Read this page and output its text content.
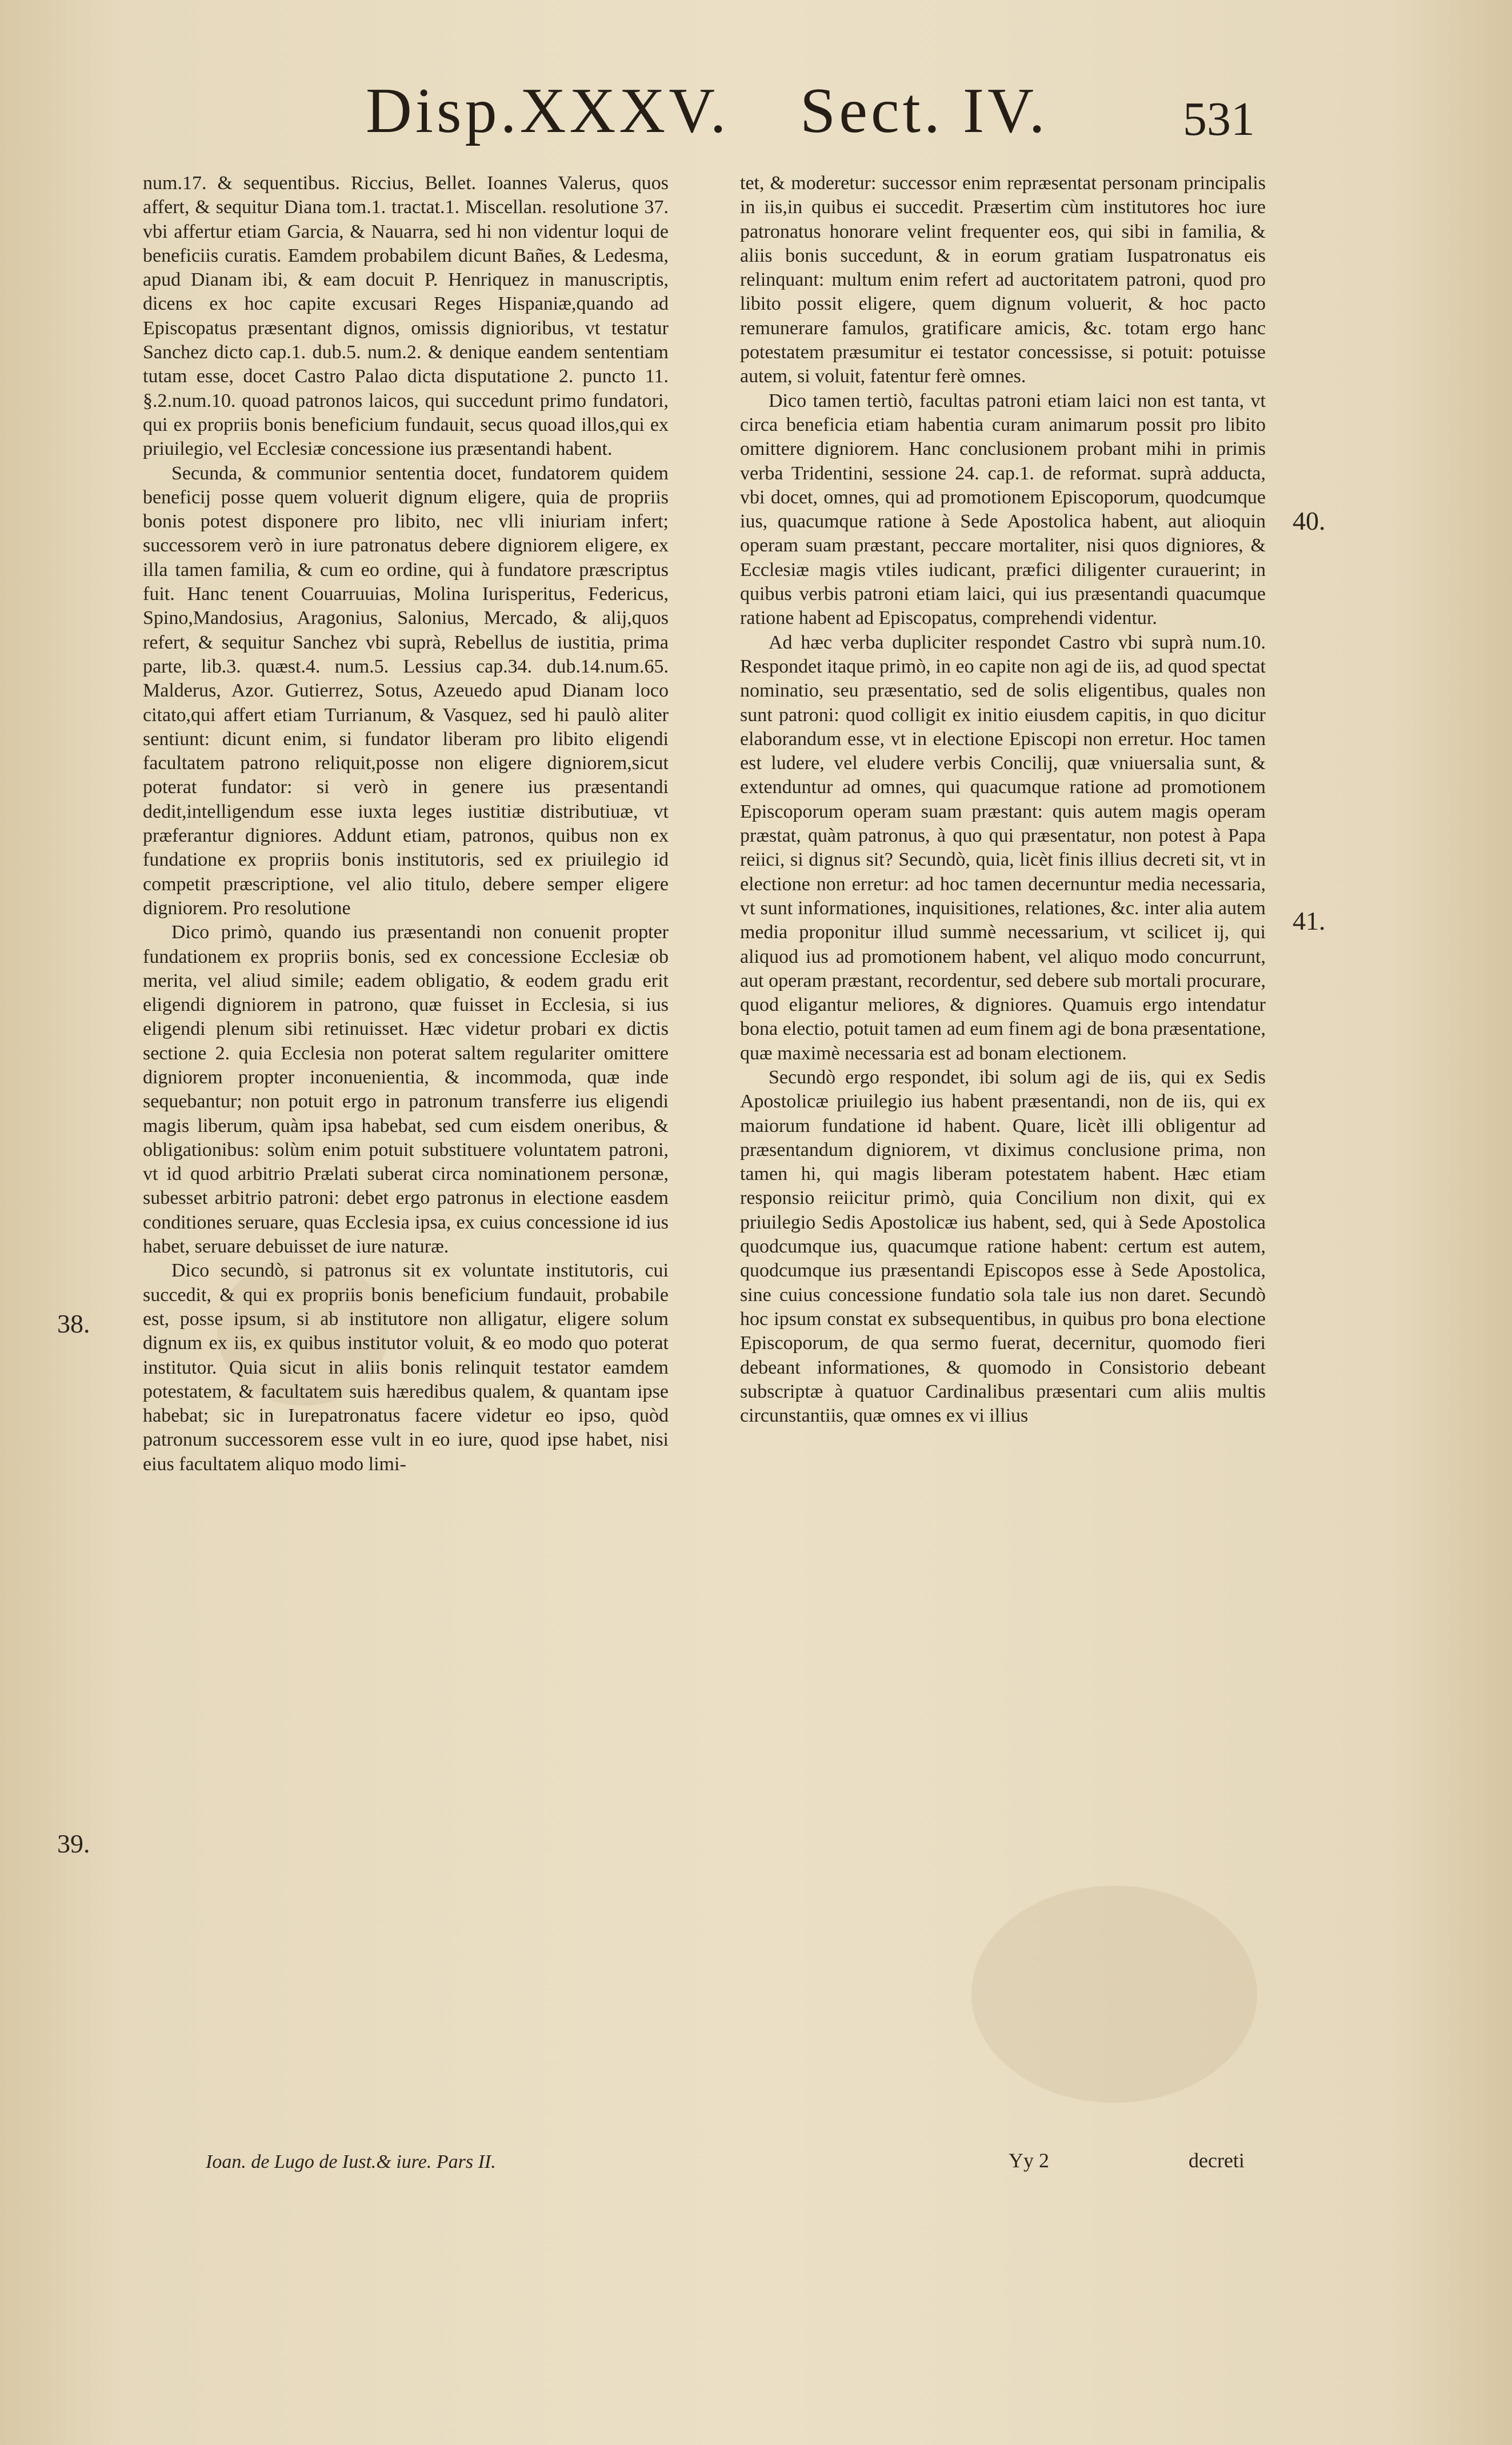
Disp.XXXV. Sect. IV.	531

num.17. & sequentibus. Riccius, Bellet. Ioannes Valerus, quos affert, & sequitur Diana tom.1. tractat.1. Miscellan. resolutione 37. vbi affertur etiam Garcia, & Nauarra, sed hi non videntur loqui de beneficiis curatis. Eamdem probabilem dicunt Bañes, & Ledesma, apud Dianam ibi, & eam docuit P. Henriquez in manuscriptis, dicens ex hoc capite excusari Reges Hispaniæ,quando ad Episcopatus præsentant dignos, omissis dignioribus, vt testatur Sanchez dicto cap.1. dub.5. num.2. & denique eandem sententiam tutam esse, docet Castro Palao dicta disputatione 2. puncto 11. §.2.num.10. quoad patronos laicos, qui succedunt primo fundatori, qui ex propriis bonis beneficium fundauit, secus quoad illos,qui ex priuilegio, vel Ecclesiæ concessione ius præsentandi habent.

Secunda, & communior sententia docet, fundatorem quidem beneficij posse quem voluerit dignum eligere, quia de propriis bonis potest disponere pro libito, nec vlli iniuriam infert; successorem verò in iure patronatus debere digniorem eligere, ex illa tamen familia, & cum eo ordine, qui à fundatore præscriptus fuit. Hanc tenent Couarruuias, Molina Iurisperitus, Federicus, Spino,Mandosius, Aragonius, Salonius, Mercado, & alij,quos refert, & sequitur Sanchez vbi suprà, Rebellus de iustitia, prima parte, lib.3. quæst.4. num.5. Lessius cap.34. dub.14.num.65. Malderus, Azor. Gutierrez, Sotus, Azeuedo apud Dianam loco citato,qui affert etiam Turrianum, & Vasquez, sed hi paulò aliter sentiunt: dicunt enim, si fundator liberam pro libito eligendi facultatem patrono reliquit,posse non eligere digniorem,sicut poterat fundator: si verò in genere ius præsentandi dedit,intelligendum esse iuxta leges iustitiæ distributiuæ, vt præferantur digniores. Addunt etiam, patronos, quibus non ex fundatione ex propriis bonis institutoris, sed ex priuilegio id competit præscriptione, vel alio titulo, debere semper eligere digniorem. Pro resolutione

Dico primò, quando ius præsentandi non conuenit propter fundationem ex propriis bonis, sed ex concessione Ecclesiæ ob merita, vel aliud simile; eadem obligatio, & eodem gradu erit eligendi digniorem in patrono, quæ fuisset in Ecclesia, si ius eligendi plenum sibi retinuisset. Hæc videtur probari ex dictis sectione 2. quia Ecclesia non poterat saltem regulariter omittere digniorem propter inconuenientia, & incommoda, quæ inde sequebantur; non potuit ergo in patronum transferre ius eligendi magis liberum, quàm ipsa habebat, sed cum eisdem oneribus, & obligationibus: solùm enim potuit substituere voluntatem patroni, vt id quod arbitrio Prælati suberat circa nominationem personæ, subesset arbitrio patroni: debet ergo patronus in electione easdem conditiones seruare, quas Ecclesia ipsa, ex cuius concessione id ius habet, seruare debuisset de iure naturæ.

Dico secundò, si patronus sit ex voluntate institutoris, cui succedit, & qui ex propriis bonis beneficium fundauit, probabile est, posse ipsum, si ab institutore non alligatur, eligere solum dignum ex iis, ex quibus institutor voluit, & eo modo quo poterat institutor. Quia sicut in aliis bonis relinquit testator eamdem potestatem, & facultatem suis hæredibus qualem, & quantam ipse habebat; sic in Iurepatronatus facere videtur eo ipso, quòd patronum successorem esse vult in eo iure, quod ipse habet, nisi eius facultatem aliquo modo limi-

tet, & moderetur: successor enim repræsentat personam principalis in iis,in quibus ei succedit. Præsertim cùm institutores hoc iure patronatus honorare velint frequenter eos, qui sibi in familia, & aliis bonis succedunt, & in eorum gratiam Iuspatronatus eis relinquant: multum enim refert ad auctoritatem patroni, quod pro libito possit eligere, quem dignum voluerit, & hoc pacto remunerare famulos, gratificare amicis, &c. totam ergo hanc potestatem præsumitur ei testator concessisse, si potuit: potuisse autem, si voluit, fatentur ferè omnes.

Dico tamen tertiò, facultas patroni etiam laici non est tanta, vt circa beneficia etiam habentia curam animarum possit pro libito omittere digniorem. Hanc conclusionem probant mihi in primis verba Tridentini, sessione 24. cap.1. de reformat. suprà adducta, vbi docet, omnes, qui ad promotionem Episcoporum, quodcumque ius, quacumque ratione à Sede Apostolica habent, aut alioquin operam suam præstant, peccare mortaliter, nisi quos digniores, & Ecclesiæ magis vtiles iudicant, præfici diligenter curauerint; in quibus verbis patroni etiam laici, qui ius præsentandi quacumque ratione habent ad Episcopatus, comprehendi videntur.

Ad hæc verba dupliciter respondet Castro vbi suprà num.10. Respondet itaque primò, in eo capite non agi de iis, ad quod spectat nominatio, seu præsentatio, sed de solis eligentibus, quales non sunt patroni: quod colligit ex initio eiusdem capitis, in quo dicitur elaborandum esse, vt in electione Episcopi non erretur. Hoc tamen est ludere, vel eludere verbis Concilij, quæ vniuersalia sunt, & extenduntur ad omnes, qui quacumque ratione ad promotionem Episcoporum operam suam præstant: quis autem magis operam præstat, quàm patronus, à quo qui præsentatur, non potest à Papa reiici, si dignus sit? Secundò, quia, licèt finis illius decreti sit, vt in electione non erretur: ad hoc tamen decernuntur media necessaria, vt sunt informationes, inquisitiones, relationes, &c. inter alia autem media proponitur illud summè necessarium, vt scilicet ij, qui aliquod ius ad promotionem habent, vel aliquo modo concurrunt, aut operam præstant, recordentur, sed debere sub mortali procurare, quod eligantur meliores, & digniores. Quamuis ergo intendatur bona electio, potuit tamen ad eum finem agi de bona præsentatione, quæ maximè necessaria est ad bonam electionem.

Secundò ergo respondet, ibi solum agi de iis, qui ex Sedis Apostolicæ priuilegio ius habent præsentandi, non de iis, qui ex maiorum fundatione id habent. Quare, licèt illi obligentur ad præsentandum digniorem, vt diximus conclusione prima, non tamen hi, qui magis liberam potestatem habent. Hæc etiam responsio reiicitur primò, quia Concilium non dixit, qui ex priuilegio Sedis Apostolicæ ius habent, sed, qui à Sede Apostolica quodcumque ius, quacumque ratione habent: certum est autem, quodcumque ius præsentandi Episcopos esse à Sede Apostolica, sine cuius concessione fundatio sola tale ius non daret. Secundò hoc ipsum constat ex subsequentibus, in quibus pro bona electione Episcoporum, de qua sermo fuerat, decernitur, quomodo fieri debeant informationes, & quomodo in Consistorio debeant subscriptæ à quatuor Cardinalibus præsentari cum aliis multis circunstantiis, quæ omnes ex vi illius

40.
41.
38.
39.
Ioan. de Lugo de Iust.& iure. Pars II.	Yy 2	decreti
